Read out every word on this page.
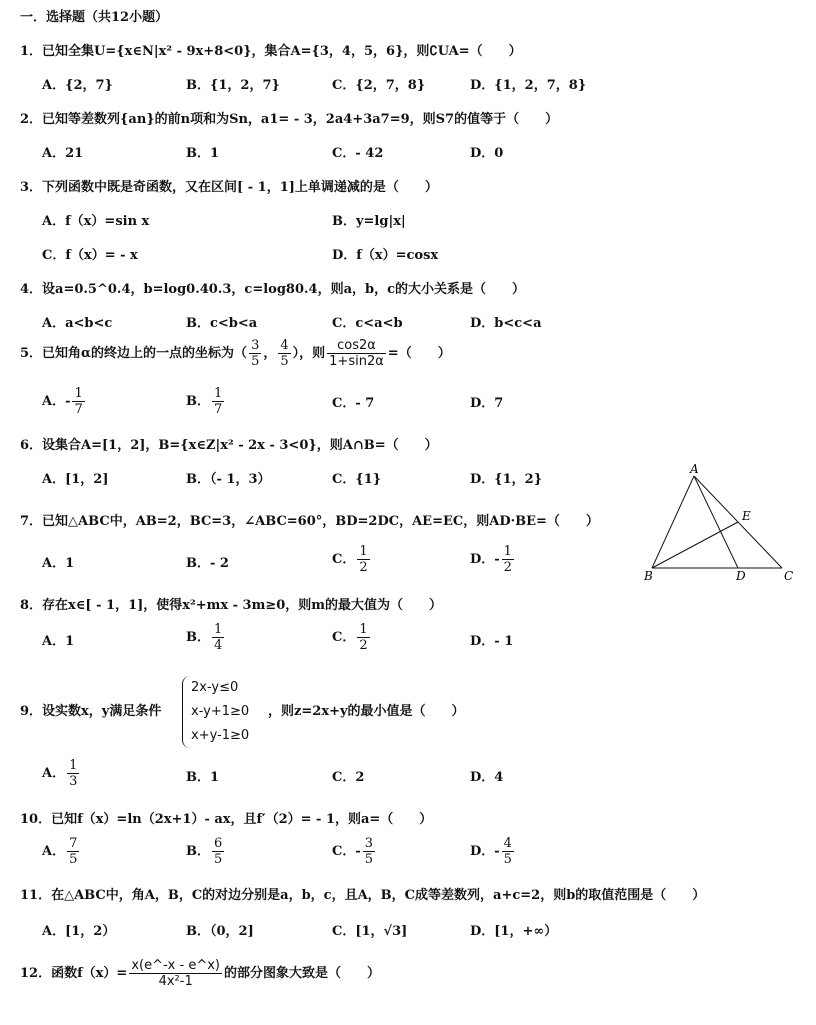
一．选择题（共12小题）
1．已知全集U={x∈N|x² - 9x+8<0}，集合A={3，4，5，6}，则∁UA=（　　）
A．{2，7}	B．{1，2，7}	C．{2，7，8}	D．{1，2，7，8}
2．已知等差数列{an}的前n项和为Sn，a1= - 3，2a4+3a7=9，则S7的值等于（　　）
A．21	B．1	C．- 42	D．0
3．下列函数中既是奇函数，又在区间[ - 1，1]上单调递减的是（　　）
A．f（x）=sin x	B．y=lg|x|
C．f（x）= - x	D．f（x）=cosx
4．设a=0.5^0.4，b=log0.40.3，c=log80.4，则a，b，c的大小关系是（　　）
A．a<b<c	B．c<b<a	C．c<a<b	D．b<c<a
5．已知角α的终边上的一点的坐标为（ $\frac{3}{5}$ ， $\frac{4}{5}$ ），则 $\frac{\cos 2\alpha}{1+\sin 2\alpha}$ =（　　）
A．- $\frac{1}{7}$	B． $\frac{1}{7}$	C．- 7	D．7
6．设集合A=[1，2]，B={x∈Z|x² - 2x - 3<0}，则A∩B=（　　）
A．[1，2]	B．（- 1，3）	C．{1}	D．{1，2}
7．已知△ABC中，AB=2，BC=3，∠ABC=60°，BD=2DC，AE=EC，则AD·BE=（　　）
A．1	B．- 2	C． $\frac{1}{2}$	D．- $\frac{1}{2}$
A
E
B	D	C
8．存在x∈[ - 1，1]，使得x²+mx - 3m≥0，则m的最大值为（　　）
A．1	B． $\frac{1}{4}$	C． $\frac{1}{2}$	D．- 1
9．设实数x，y满足条件
2x-y≤0
x-y+1≥0
x+y-1≥0
，则z=2x+y的最小值是（　　）
A． $\frac{1}{3}$	B．1	C．2	D．4
10．已知f（x）=ln（2x+1）- ax，且f′（2）= - 1，则a=（　　）
A． $\frac{7}{5}$	B． $\frac{6}{5}$	C．- $\frac{3}{5}$	D．- $\frac{4}{5}$
11．在△ABC中，角A，B，C的对边分别是a，b，c，且A，B，C成等差数列，a+c=2，则b的取值范围是（　　）
A．[1，2）	B．（0，2]	C．[1，√3]	D．[1，+∞）
12．函数$f(x)= \frac{x(e\^{}-x - e\^{}x)}{\text{4x²-1}}$ 的部分图象大致是（　　）
